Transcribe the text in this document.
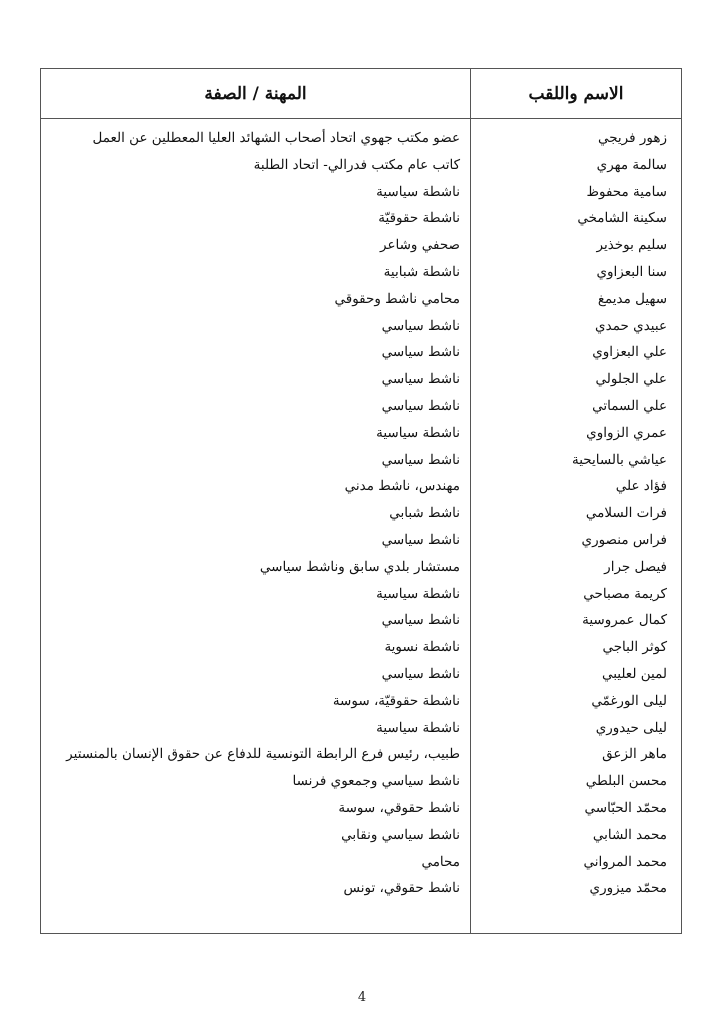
الاسم واللقب
المهنة / الصفة
زهور فريجي
سالمة مهري
سامية محفوظ
سكينة الشامخي
سليم بوخذير
سنا البعزاوي
سهيل مديمغ
عبيدي حمدي
علي البعزاوي
علي الجلولي
علي السماتي
عمري الزواوي
عياشي بالسايحية
فؤاد علي
فرات السلامي
فراس منصوري
فيصل جرار
كريمة مصباحي
كمال عمروسية
كوثر الباجي
لمين لعليبي
ليلى الورغمّي
ليلى حيدوري
ماهر الزعق
محسن البلطي
محمّد الحبّاسي
محمد الشابي
محمد المرواني
محمّد ميزوري
عضو مكتب جهوي اتحاد أصحاب الشهائد العليا المعطلين عن العمل
كاتب عام مكتب فدرالي- اتحاد الطلبة
ناشطة سياسية
ناشطة حقوقيّة
صحفي وشاعر
ناشطة شبابية
محامي ناشط وحقوقي
ناشط سياسي
ناشط سياسي
ناشط سياسي
ناشط سياسي
ناشطة سياسية
ناشط سياسي
مهندس، ناشط مدني
ناشط شبابي
ناشط سياسي
مستشار بلدي سابق وناشط سياسي
ناشطة سياسية
ناشط سياسي
ناشطة نسوية
ناشط سياسي
ناشطة حقوقيّة، سوسة
ناشطة سياسية
طبيب، رئيس فرع الرابطة التونسية للدفاع عن حقوق الإنسان بالمنستير
ناشط سياسي وجمعوي فرنسا
ناشط حقوقي، سوسة
ناشط سياسي ونقابي
محامي
ناشط حقوقي، تونس
4
